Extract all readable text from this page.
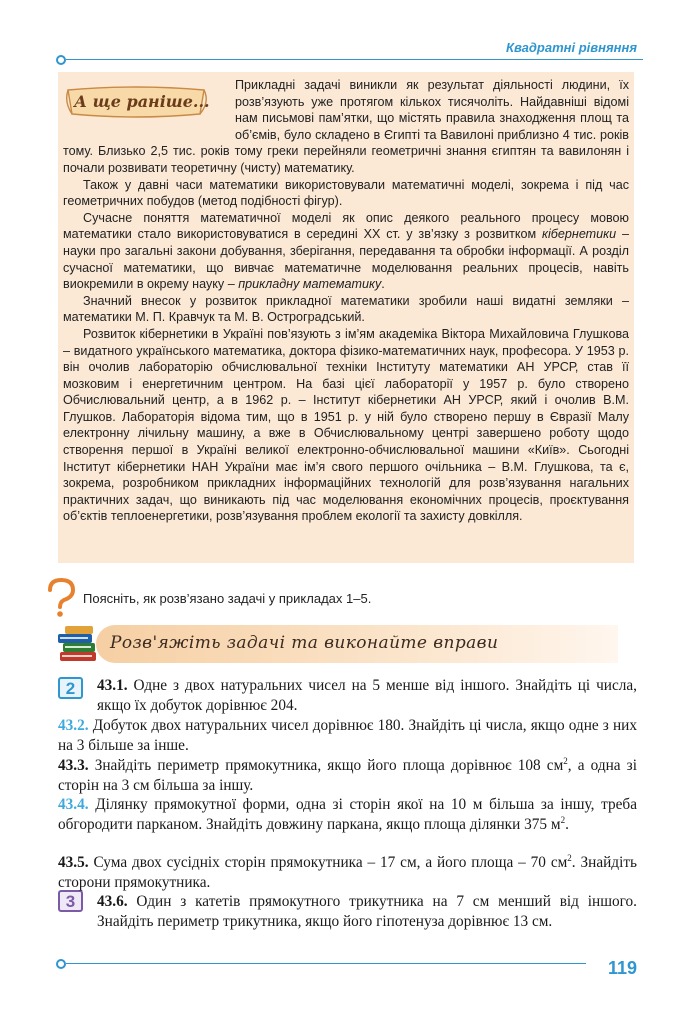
Квадратні рівняння
А ще раніше...

Прикладні задачі виникли як результат діяльності людини, їх розв’язують уже протягом кількох тисячоліть. Найдавніші відомі нам письмові пам’ятки, що містять правила знаходження площ та об’ємів, було складено в Єгипті та Вавилоні приблизно 4 тис. років тому. Близько 2,5 тис. років тому греки перейняли геометричні знання єгиптян та вавилонян і почали розвивати теоретичну (чисту) математику.

Також у давні часи математики використовували математичні моделі, зокрема і під час геометричних побудов (метод подібності фігур).

Сучасне поняття математичної моделі як опис деякого реального процесу мовою математики стало використовуватися в середині XX ст. у зв’язку з розвитком кібернетики – науки про загальні закони добування, зберігання, передавання та обробки інформації. А розділ сучасної математики, що вивчає математичне моделювання реальних процесів, навіть виокремили в окрему науку – прикладну математику.

Значний внесок у розвиток прикладної математики зробили наші видатні земляки – математики М. П. Кравчук та М. В. Остроградський.

Розвиток кібернетики в Україні пов’язують з ім’ям академіка Віктора Михайловича Глушкова – видатного українського математика, доктора фізико-математичних наук, професора. У 1953 р. він очолив лабораторію обчислювальної техніки Інституту математики АН УРСР, став її мозковим і енергетичним центром. На базі цієї лабораторії у 1957 р. було створено Обчислювальний центр, а в 1962 р. – Інститут кібернетики АН УРСР, який і очолив В.М. Глушков. Лабораторія відома тим, що в 1951 р. у ній було створено першу в Євразії Малу електронну лічильну машину, а вже в Обчислювальному центрі завершено роботу щодо створення першої в Україні великої електронно-обчислювальної машини «Київ». Сьогодні Інститут кібернетики НАН України має ім’я свого першого очільника – В.М. Глушкова, та є, зокрема, розробником прикладних інформаційних технологій для розв’язування нагальних практичних задач, що виникають під час моделювання економічних процесів, проєктування об’єктів теплоенергетики, розв’язування проблем екології та захисту довкілля.

Поясніть, як розв’язано задачі у прикладах 1–5.
Розв'яжіть задачі та виконайте вправи
2
3
43.1. Одне з двох натуральних чисел на 5 менше від іншого. Знайдіть ці числа, якщо їх добуток дорівнює 204.
43.2. Добуток двох натуральних чисел дорівнює 180. Знайдіть ці числа, якщо одне з них на 3 більше за інше.
43.3. Знайдіть периметр прямокутника, якщо його площа дорівнює 108 $см^2$, а одна зі сторін на 3 см більша за іншу.
43.4. Ділянку прямокутної форми, одна зі сторін якої на 10 м більша за іншу, треба обгородити парканом. Знайдіть довжину паркана, якщо площа ділянки 375 $м^2$.
43.5. Сума двох сусідніх сторін прямокутника – 17 см, а його площа – 70 $см^2$. Знайдіть сторони прямокутника.
43.6. Один з катетів прямокутного трикутника на 7 см менший від іншого. Знайдіть периметр трикутника, якщо його гіпотенуза дорівнює 13 см.
119
